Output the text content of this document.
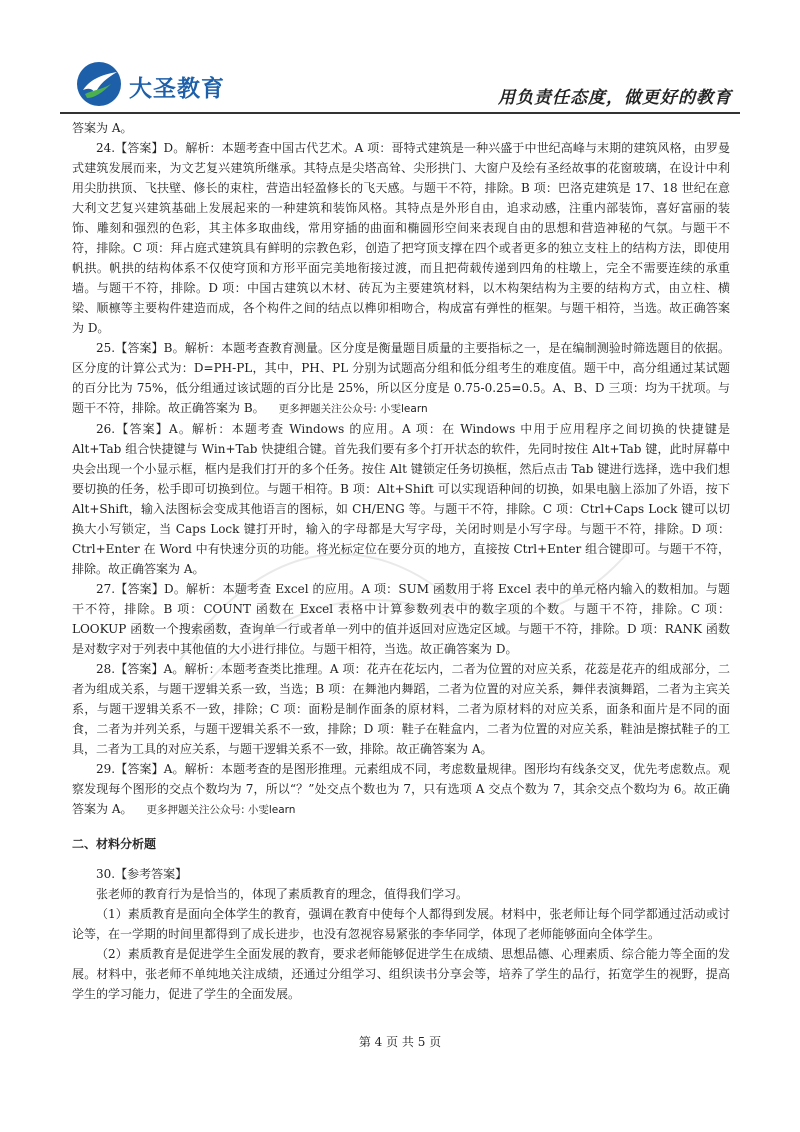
大圣教育	用负责任态度，做更好的教育

答案为 A。

24.【答案】D。解析：本题考查中国古代艺术。A 项：哥特式建筑是一种兴盛于中世纪高峰与末期的建筑风格，由罗曼式建筑发展而来，为文艺复兴建筑所继承。其特点是尖塔高耸、尖形拱门、大窗户及绘有圣经故事的花窗玻璃，在设计中利用尖肋拱顶、飞扶壁、修长的束柱，营造出轻盈修长的飞天感。与题干不符，排除。B 项：巴洛克建筑是 17、18 世纪在意大利文艺复兴建筑基础上发展起来的一种建筑和装饰风格。其特点是外形自由，追求动感，注重内部装饰，喜好富丽的装饰、雕刻和强烈的色彩，其主体多取曲线，常用穿插的曲面和椭圆形空间来表现自由的思想和营造神秘的气氛。与题干不符，排除。C 项：拜占庭式建筑具有鲜明的宗教色彩，创造了把穹顶支撑在四个或者更多的独立支柱上的结构方法，即使用帆拱。帆拱的结构体系不仅使穹顶和方形平面完美地衔接过渡，而且把荷载传递到四角的柱墩上，完全不需要连续的承重墙。与题干不符，排除。D 项：中国古建筑以木材、砖瓦为主要建筑材料，以木构架结构为主要的结构方式，由立柱、横梁、顺檩等主要构件建造而成，各个构件之间的结点以榫卯相吻合，构成富有弹性的框架。与题干相符，当选。故正确答案为 D。

25.【答案】B。解析：本题考查教育测量。区分度是衡量题目质量的主要指标之一，是在编制测验时筛选题目的依据。区分度的计算公式为：D=PH-PL，其中，PH、PL 分别为试题高分组和低分组考生的难度值。题干中，高分组通过某试题的百分比为 75%，低分组通过该试题的百分比是 25%，所以区分度是 0.75-0.25=0.5。A、B、D 三项：均为干扰项。与题干不符，排除。故正确答案为 B。 更多押题关注公众号: 小雯learn

26.【答案】A。解析：本题考查 Windows 的应用。A 项：在 Windows 中用于应用程序之间切换的快捷键是 Alt+Tab 组合快捷键与 Win+Tab 快捷组合键。首先我们要有多个打开状态的软件，先同时按住 Alt+Tab 键，此时屏幕中央会出现一个小显示框，框内是我们打开的多个任务。按住 Alt 键锁定任务切换框，然后点击 Tab 键进行选择，选中我们想要切换的任务，松手即可切换到位。与题干相符。B 项：Alt+Shift 可以实现语种间的切换，如果电脑上添加了外语，按下 Alt+Shift，输入法图标会变成其他语言的图标，如 CH/ENG 等。与题干不符，排除。C 项：Ctrl+Caps Lock 键可以切换大小写锁定，当 Caps Lock 键打开时，输入的字母都是大写字母，关闭时则是小写字母。与题干不符，排除。D 项：Ctrl+Enter 在 Word 中有快速分页的功能。将光标定位在要分页的地方，直接按 Ctrl+Enter 组合键即可。与题干不符，排除。故正确答案为 A。

27.【答案】D。解析：本题考查 Excel 的应用。A 项：SUM 函数用于将 Excel 表中的单元格内输入的数相加。与题干不符，排除。B 项：COUNT 函数在 Excel 表格中计算参数列表中的数字项的个数。与题干不符，排除。C 项：LOOKUP 函数一个搜索函数，查询单一行或者单一列中的值并返回对应选定区域。与题干不符，排除。D 项：RANK 函数是对数字对于列表中其他值的大小进行排位。与题干相符，当选。故正确答案为 D。

28.【答案】A。解析：本题考查类比推理。A 项：花卉在花坛内，二者为位置的对应关系，花蕊是花卉的组成部分，二者为组成关系，与题干逻辑关系一致，当选；B 项：在舞池内舞蹈，二者为位置的对应关系，舞伴表演舞蹈，二者为主宾关系，与题干逻辑关系不一致，排除；C 项：面粉是制作面条的原材料，二者为原材料的对应关系，面条和面片是不同的面食，二者为并列关系，与题干逻辑关系不一致，排除；D 项：鞋子在鞋盒内，二者为位置的对应关系，鞋油是擦拭鞋子的工具，二者为工具的对应关系，与题干逻辑关系不一致，排除。故正确答案为 A。

29.【答案】A。解析：本题考查的是图形推理。元素组成不同，考虑数量规律。图形均有线条交叉，优先考虑数点。观察发现每个图形的交点个数均为 7，所以“？”处交点个数也为 7，只有选项 A 交点个数为 7，其余交点个数均为 6。故正确答案为 A。 更多押题关注公众号: 小雯learn

二、材料分析题

30.【参考答案】

张老师的教育行为是恰当的，体现了素质教育的理念，值得我们学习。

（1）素质教育是面向全体学生的教育，强调在教育中使每个人都得到发展。材料中，张老师让每个同学都通过活动或讨论等，在一学期的时间里都得到了成长进步，也没有忽视容易紧张的李华同学，体现了老师能够面向全体学生。

（2）素质教育是促进学生全面发展的教育，要求老师能够促进学生在成绩、思想品德、心理素质、综合能力等全面的发展。材料中，张老师不单纯地关注成绩，还通过分组学习、组织读书分享会等，培养了学生的品行，拓宽学生的视野，提高学生的学习能力，促进了学生的全面发展。

第 4 页 共 5 页
